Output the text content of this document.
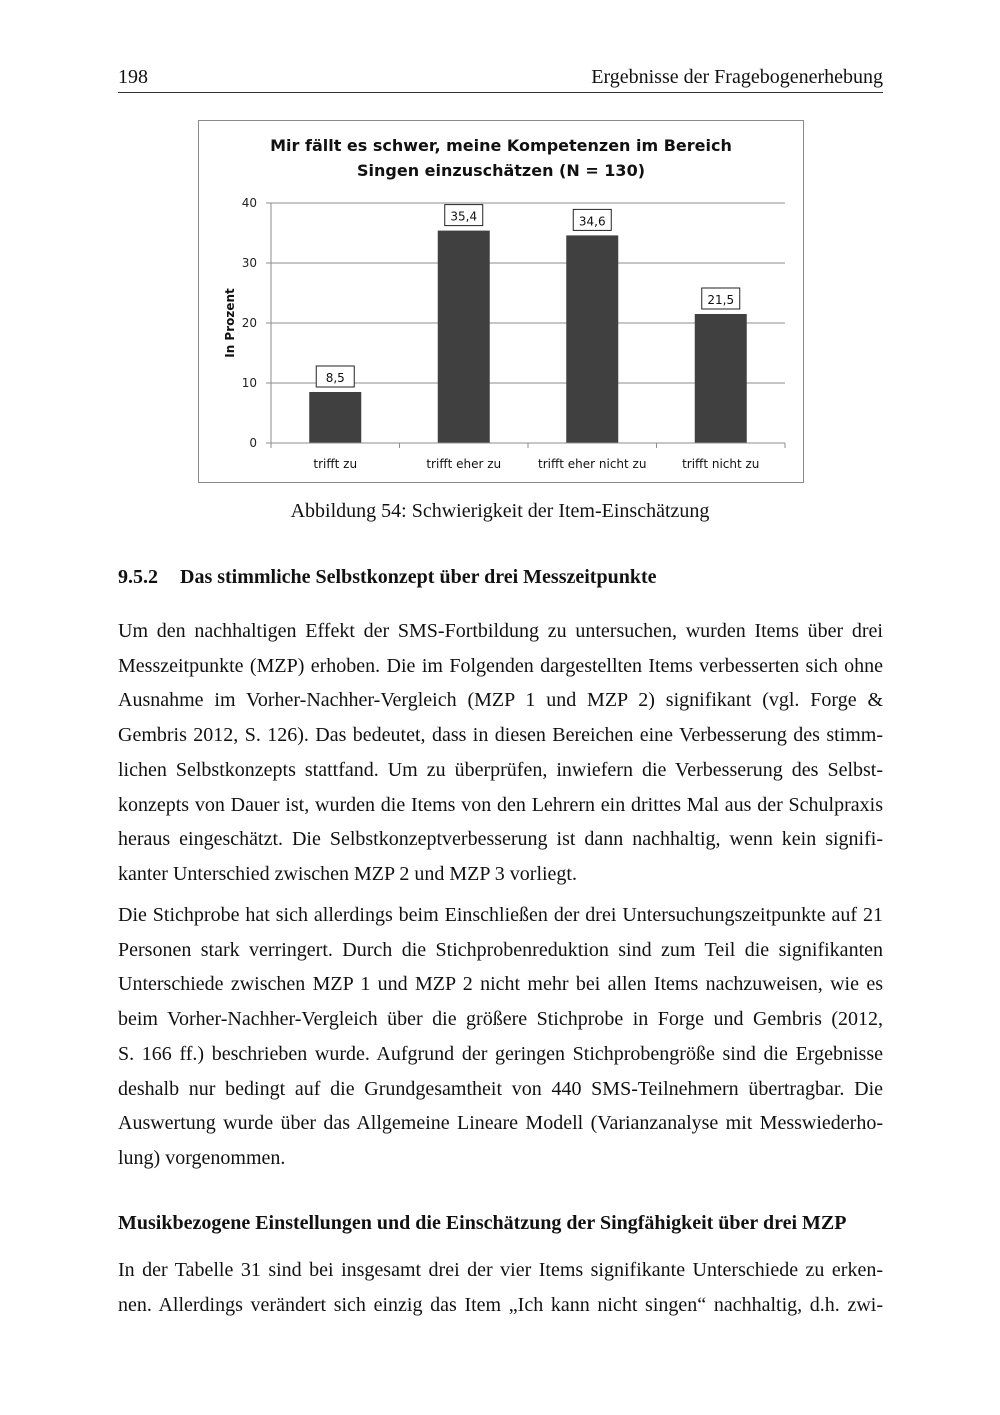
198	Ergebnisse der Fragebogenerhebung
Mir fällt es schwer, meine Kompetenzen im Bereich
Singen einzuschätzen (N = 130)
In Prozent
0
10
20
30
40
trifft zu	trifft eher zu	trifft eher nicht zu	trifft nicht zu
8,5
35,4	34,6
21,5
Abbildung 54: Schwierigkeit der Item-Einschätzung
9.5.2 Das stimmliche Selbstkonzept über drei Messzeitpunkte

Um den nachhaltigen Effekt der SMS-Fortbildung zu untersuchen, wurden Items über drei
Messzeitpunkte (MZP) erhoben. Die im Folgenden dargestellten Items verbesserten sich ohne
Ausnahme im Vorher-Nachher-Vergleich (MZP 1 und MZP 2) signifikant (vgl. Forge &
Gembris 2012, S. 126). Das bedeutet, dass in diesen Bereichen eine Verbesserung des stimm-
lichen Selbstkonzepts stattfand. Um zu überprüfen, inwiefern die Verbesserung des Selbst-
konzepts von Dauer ist, wurden die Items von den Lehrern ein drittes Mal aus der Schulpraxis
heraus eingeschätzt. Die Selbstkonzeptverbesserung ist dann nachhaltig, wenn kein signifi-
kanter Unterschied zwischen MZP 2 und MZP 3 vorliegt.

Die Stichprobe hat sich allerdings beim Einschließen der drei Untersuchungszeitpunkte auf 21
Personen stark verringert. Durch die Stichprobenreduktion sind zum Teil die signifikanten
Unterschiede zwischen MZP 1 und MZP 2 nicht mehr bei allen Items nachzuweisen, wie es
beim Vorher-Nachher-Vergleich über die größere Stichprobe in Forge und Gembris (2012,
S. 166 ff.) beschrieben wurde. Aufgrund der geringen Stichprobengröße sind die Ergebnisse
deshalb nur bedingt auf die Grundgesamtheit von 440 SMS-Teilnehmern übertragbar. Die
Auswertung wurde über das Allgemeine Lineare Modell (Varianzanalyse mit Messwiederho-
lung) vorgenommen.

Musikbezogene Einstellungen und die Einschätzung der Singfähigkeit über drei MZP

In der Tabelle 31 sind bei insgesamt drei der vier Items signifikante Unterschiede zu erken-
nen. Allerdings verändert sich einzig das Item „Ich kann nicht singen“ nachhaltig, d.h. zwi-
